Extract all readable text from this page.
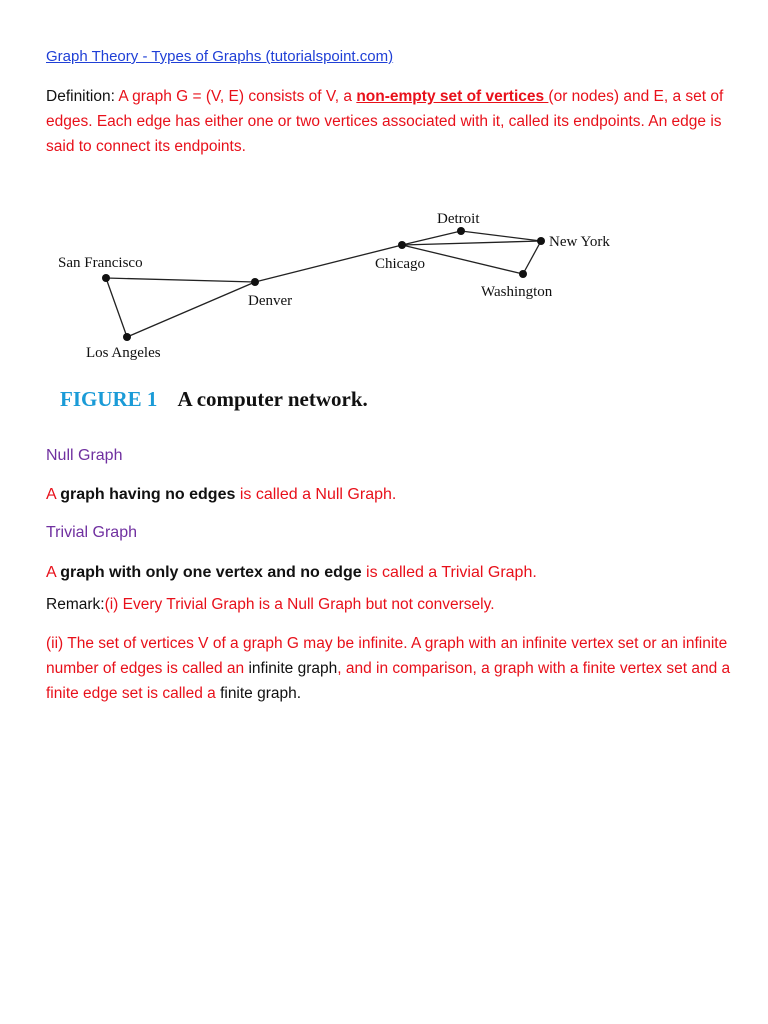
Graph Theory - Types of Graphs (tutorialspoint.com)
Definition: A graph G = (V, E) consists of V, a non-empty set of vertices (or nodes) and E, a set of edges. Each edge has either one or two vertices associated with it, called its endpoints. An edge is said to connect its endpoints.
San Francisco
Los Angeles
Denver
Chicago
Detroit
New York
Washington
FIGURE 1 A computer network.
Null Graph
A graph having no edges is called a Null Graph.
Trivial Graph
A graph with only one vertex and no edge is called a Trivial Graph.
Remark:(i) Every Trivial Graph is a Null Graph but not conversely.
(ii) The set of vertices V of a graph G may be infinite. A graph with an infinite vertex set or an infinite number of edges is called an infinite graph, and in comparison, a graph with a finite vertex set and a finite edge set is called a finite graph.
